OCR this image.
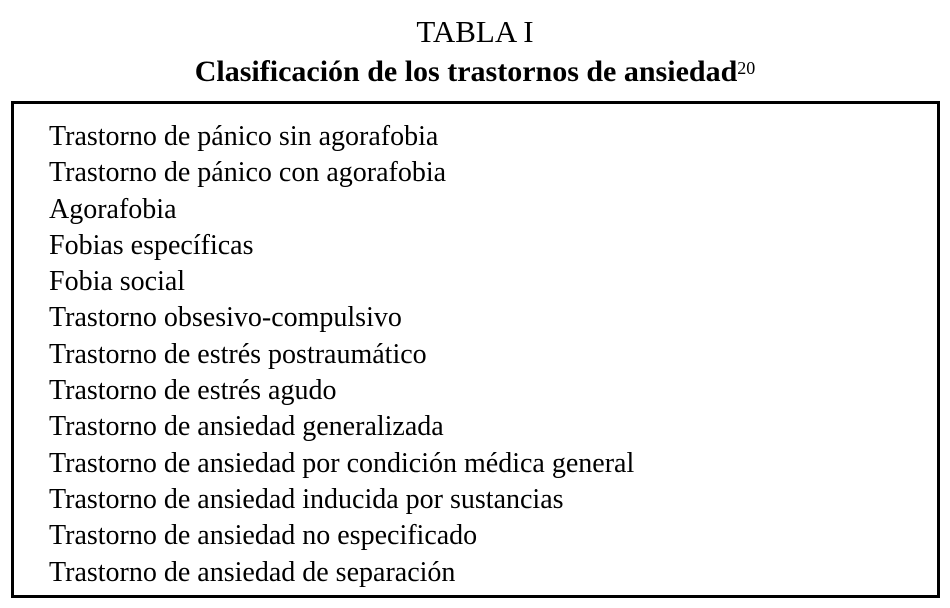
TABLA I
Clasificación de los trastornos de ansiedad$^{20}$
Trastorno de pánico sin agorafobia
Trastorno de pánico con agorafobia
Agorafobia
Fobias específicas
Fobia social
Trastorno obsesivo-compulsivo
Trastorno de estrés postraumático
Trastorno de estrés agudo
Trastorno de ansiedad generalizada
Trastorno de ansiedad por condición médica general
Trastorno de ansiedad inducida por sustancias
Trastorno de ansiedad no especificado
Trastorno de ansiedad de separación
